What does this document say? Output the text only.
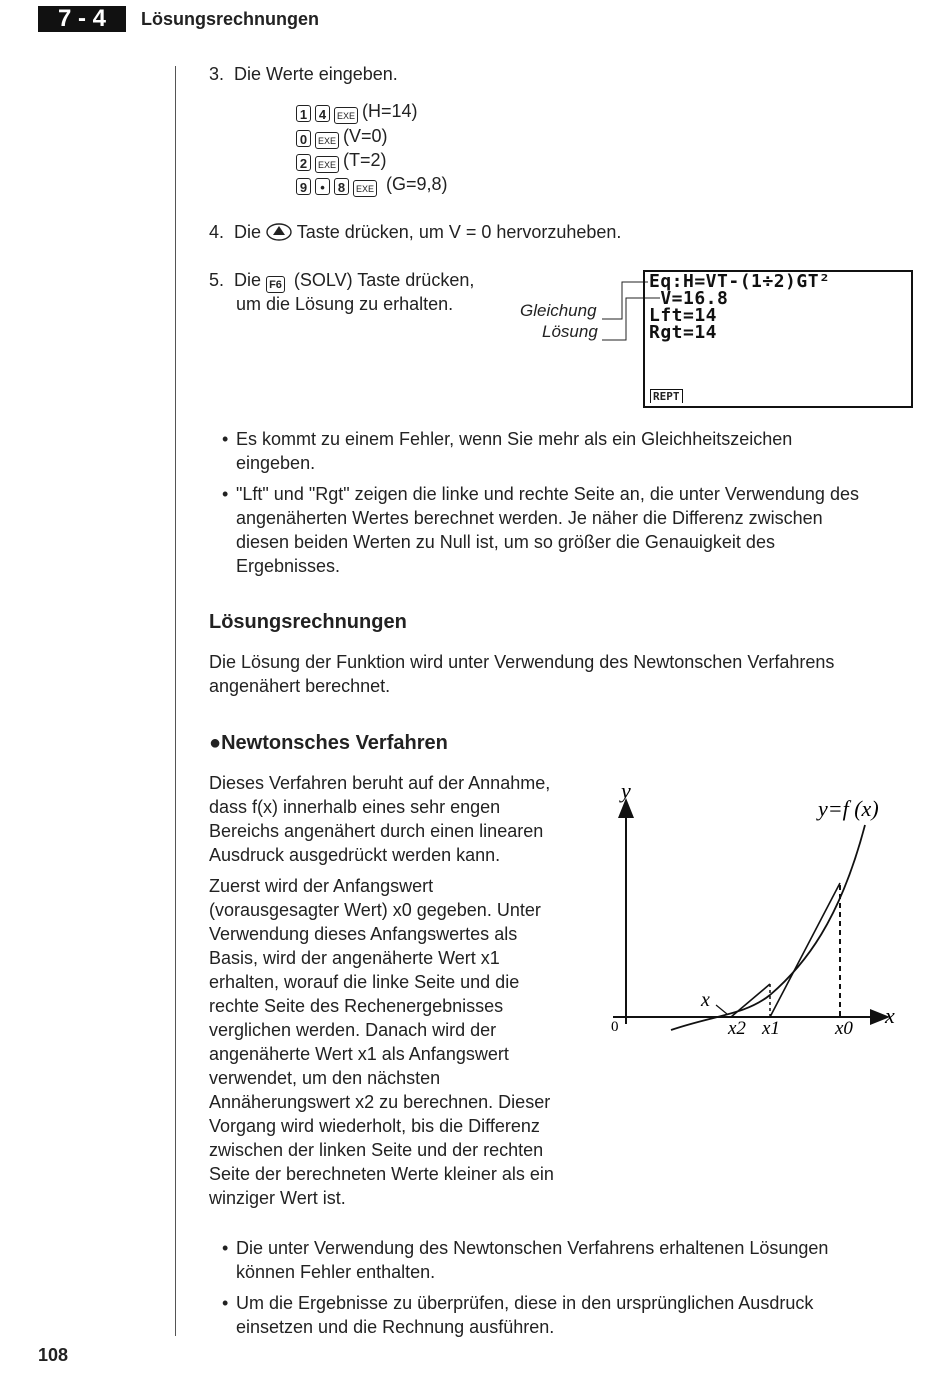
7 - 4	Lösungsrechnungen
3. Die Werte eingeben.
1 4 EXE (H=14)
0 EXE (V=0)
2 EXE (T=2)
9 • 8 EXE (G=9,8)
4. Die Taste drücken, um V = 0 hervorzuheben.
5. Die F6 (SOLV) Taste drücken,
um die Lösung zu erhalten.	Gleichung
Lösung
Eq:H=VT-(1÷2)GT²
V=16.8
Lft=14
Rgt=14
REPT
• Es kommt zu einem Fehler, wenn Sie mehr als ein Gleichheitszeichen
eingeben.
• "Lft" und "Rgt" zeigen die linke und rechte Seite an, die unter Verwendung des
angenäherten Wertes berechnet werden. Je näher die Differenz zwischen
diesen beiden Werten zu Null ist, um so größer die Genauigkeit des
Ergebnisses.
Lösungsrechnungen
Die Lösung der Funktion wird unter Verwendung des Newtonschen Verfahrens
angenähert berechnet.
●Newtonsches Verfahren
Dieses Verfahren beruht auf der Annahme,
dass f(x) innerhalb eines sehr engen
Bereichs angenähert durch einen linearen
Ausdruck ausgedrückt werden kann.
Zuerst wird der Anfangswert
(vorausgesagter Wert) x0 gegeben. Unter
Verwendung dieses Anfangswertes als
Basis, wird der angenäherte Wert x1
erhalten, worauf die linke Seite und die
rechte Seite des Rechenergebnisses
verglichen werden. Danach wird der
angenäherte Wert x1 als Anfangswert
verwendet, um den nächsten
Annäherungswert x2 zu berechnen. Dieser
Vorgang wird wiederholt, bis die Differenz
zwischen der linken Seite und der rechten
Seite der berechneten Werte kleiner als ein
winziger Wert ist.
y
x
0
y=f (x)
x
x2 x1	x0
• Die unter Verwendung des Newtonschen Verfahrens erhaltenen Lösungen
können Fehler enthalten.
• Um die Ergebnisse zu überprüfen, diese in den ursprünglichen Ausdruck
einsetzen und die Rechnung ausführen.
108
